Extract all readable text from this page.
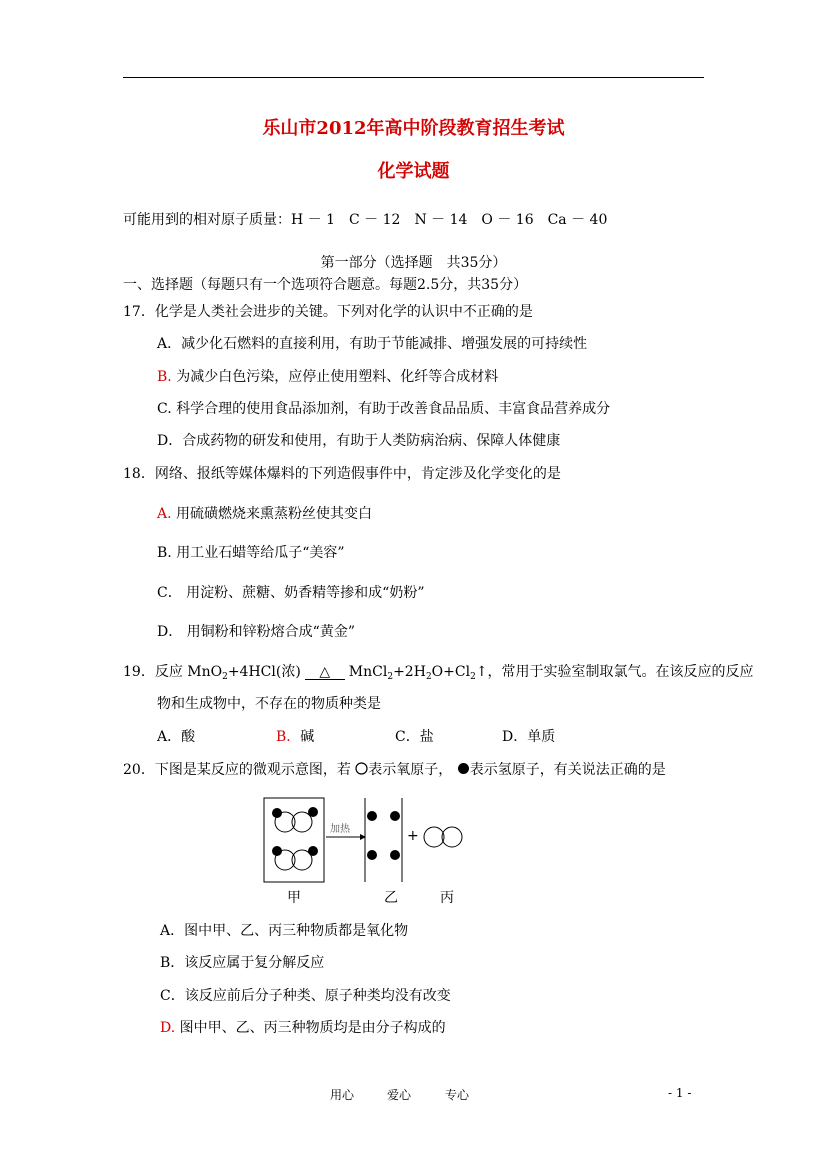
乐山市2012年高中阶段教育招生考试
化学试题
可能用到的相对原子质量：H － 1　C － 12　N － 14　O － 16　Ca － 40
第一部分（选择题　共35分）
一、选择题（每题只有一个选项符合题意。每题2.5分，共35分）
17．化学是人类社会进步的关键。下列对化学的认识中不正确的是
A．减少化石燃料的直接利用，有助于节能减排、增强发展的可持续性
B. 为减少白色污染，应停止使用塑料、化纤等合成材料
C. 科学合理的使用食品添加剂，有助于改善食品品质、丰富食品营养成分
D．合成药物的研发和使用，有助于人类防病治病、保障人体健康
18．网络、报纸等媒体爆料的下列造假事件中，肯定涉及化学变化的是
A. 用硫磺燃烧来熏蒸粉丝使其变白
B. 用工业石蜡等给瓜子“美容”
C． 用淀粉、蔗糖、奶香精等掺和成“奶粉”
D． 用铜粉和锌粉熔合成“黄金”
19．反应 MnO$_2$+4HCl(浓) △ $MnCl_2+2H_2O+Cl_2↑$，常用于实验室制取氯气。在该反应的反应
物和生成物中，不存在的物质种类是
A．酸	B．碱	C．盐	D．单质
20．下图是某反应的微观示意图，若 表示氧原子， 表示氢原子，有关说法正确的是
加热	+
甲	乙	丙
A．图中甲、乙、丙三种物质都是氧化物
B．该反应属于复分解反应
C．该反应前后分子种类、原子种类均没有改变
D. 图中甲、乙、丙三种物质均是由分子构成的
用心	爱心	专心	- 1 -
